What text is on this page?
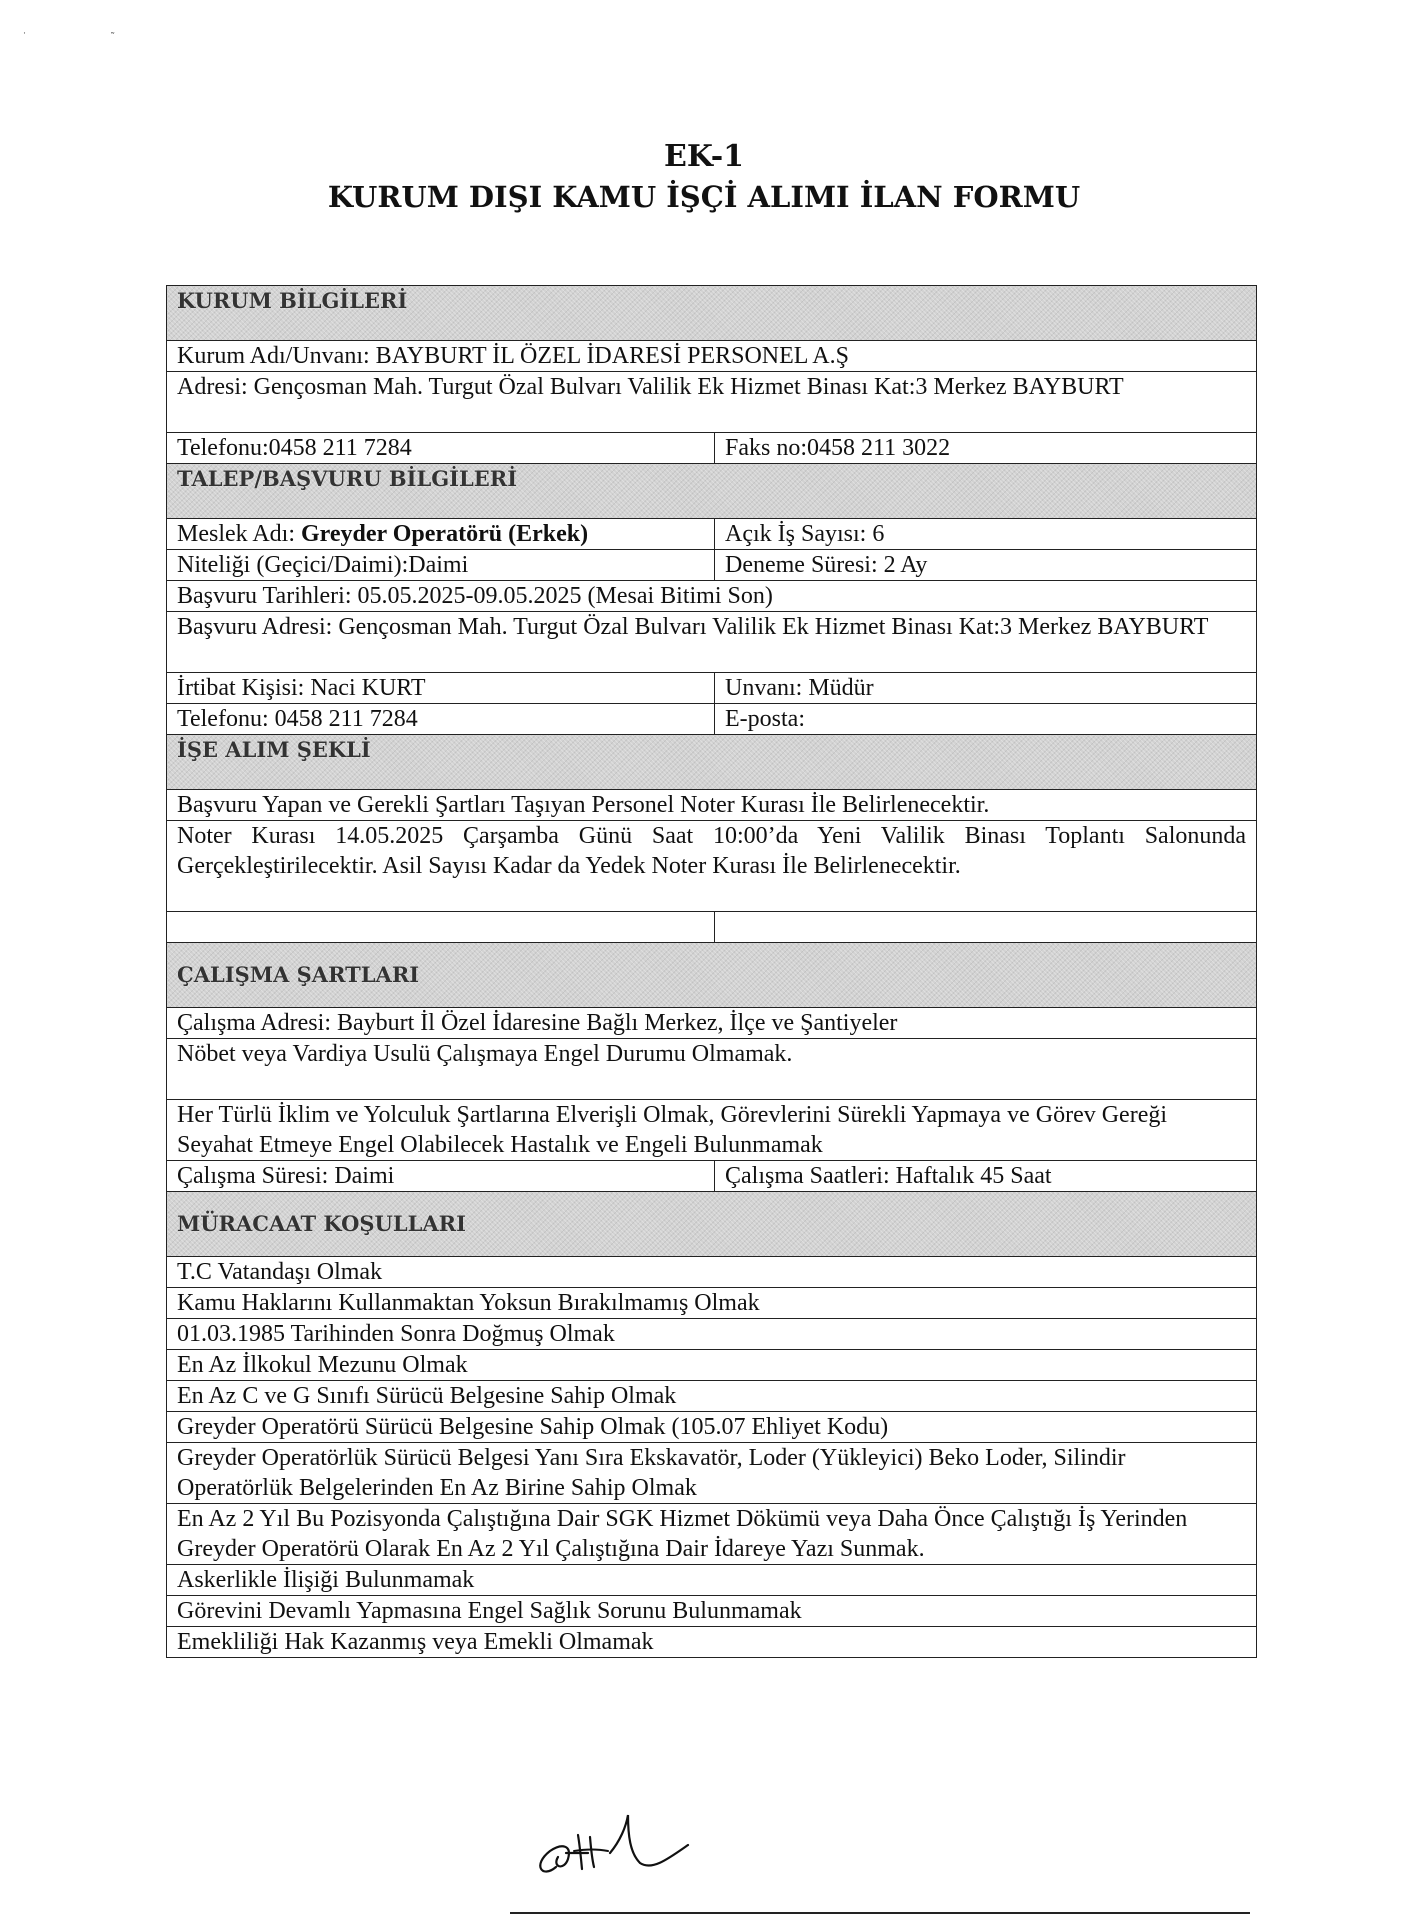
˙ ˜
EK-1
KURUM DIŞI KAMU İŞÇİ ALIMI İLAN FORMU
KURUM BİLGİLERİ	
Kurum Adı/Unvanı: BAYBURT İL ÖZEL İDARESİ PERSONEL A.Ş	
Adresi: Gençosman Mah. Turgut Özal Bulvarı Valilik Ek Hizmet Binası Kat:3 Merkez BAYBURT	
Telefonu:0458 211 7284	Faks no:0458 211 3022
TALEP/BAŞVURU BİLGİLERİ	
Meslek Adı: Greyder Operatörü (Erkek)	Açık İş Sayısı: 6
Niteliği (Geçici/Daimi):Daimi	Deneme Süresi: 2 Ay
Başvuru Tarihleri: 05.05.2025-09.05.2025 (Mesai Bitimi Son)	
Başvuru Adresi: Gençosman Mah. Turgut Özal Bulvarı Valilik Ek Hizmet Binası Kat:3 Merkez BAYBURT	
İrtibat Kişisi: Naci KURT	Unvanı: Müdür
Telefonu: 0458 211 7284	E-posta:
İŞE ALIM ŞEKLİ	
Başvuru Yapan ve Gerekli Şartları Taşıyan Personel Noter Kurası İle Belirlenecektir.	
Noter Kurası 14.05.2025 Çarşamba Günü Saat 10:00’da Yeni Valilik Binası Toplantı Salonunda Gerçekleştirilecektir. Asil Sayısı Kadar da Yedek Noter Kurası İle Belirlenecektir.	

ÇALIŞMA ŞARTLARI	
Çalışma Adresi: Bayburt İl Özel İdaresine Bağlı Merkez, İlçe ve Şantiyeler	
Nöbet veya Vardiya Usulü Çalışmaya Engel Durumu Olmamak.	
Her Türlü İklim ve Yolculuk Şartlarına Elverişli Olmak, Görevlerini Sürekli Yapmaya ve Görev Gereği Seyahat Etmeye Engel Olabilecek Hastalık ve Engeli Bulunmamak	
Çalışma Süresi: Daimi	Çalışma Saatleri: Haftalık 45 Saat
MÜRACAAT KOŞULLARI	
T.C Vatandaşı Olmak	
Kamu Haklarını Kullanmaktan Yoksun Bırakılmamış Olmak	
01.03.1985 Tarihinden Sonra Doğmuş Olmak	
En Az İlkokul Mezunu Olmak	
En Az C ve G Sınıfı Sürücü Belgesine Sahip Olmak	
Greyder Operatörü Sürücü Belgesine Sahip Olmak (105.07 Ehliyet Kodu)	
Greyder Operatörlük Sürücü Belgesi Yanı Sıra Ekskavatör, Loder (Yükleyici) Beko Loder, Silindir Operatörlük Belgelerinden En Az Birine Sahip Olmak	
En Az 2 Yıl Bu Pozisyonda Çalıştığına Dair SGK Hizmet Dökümü veya Daha Önce Çalıştığı İş Yerinden Greyder Operatörü Olarak En Az 2 Yıl Çalıştığına Dair İdareye Yazı Sunmak.	
Askerlikle İlişiği Bulunmamak	
Görevini Devamlı Yapmasına Engel Sağlık Sorunu Bulunmamak	
Emekliliği Hak Kazanmış veya Emekli Olmamak	
